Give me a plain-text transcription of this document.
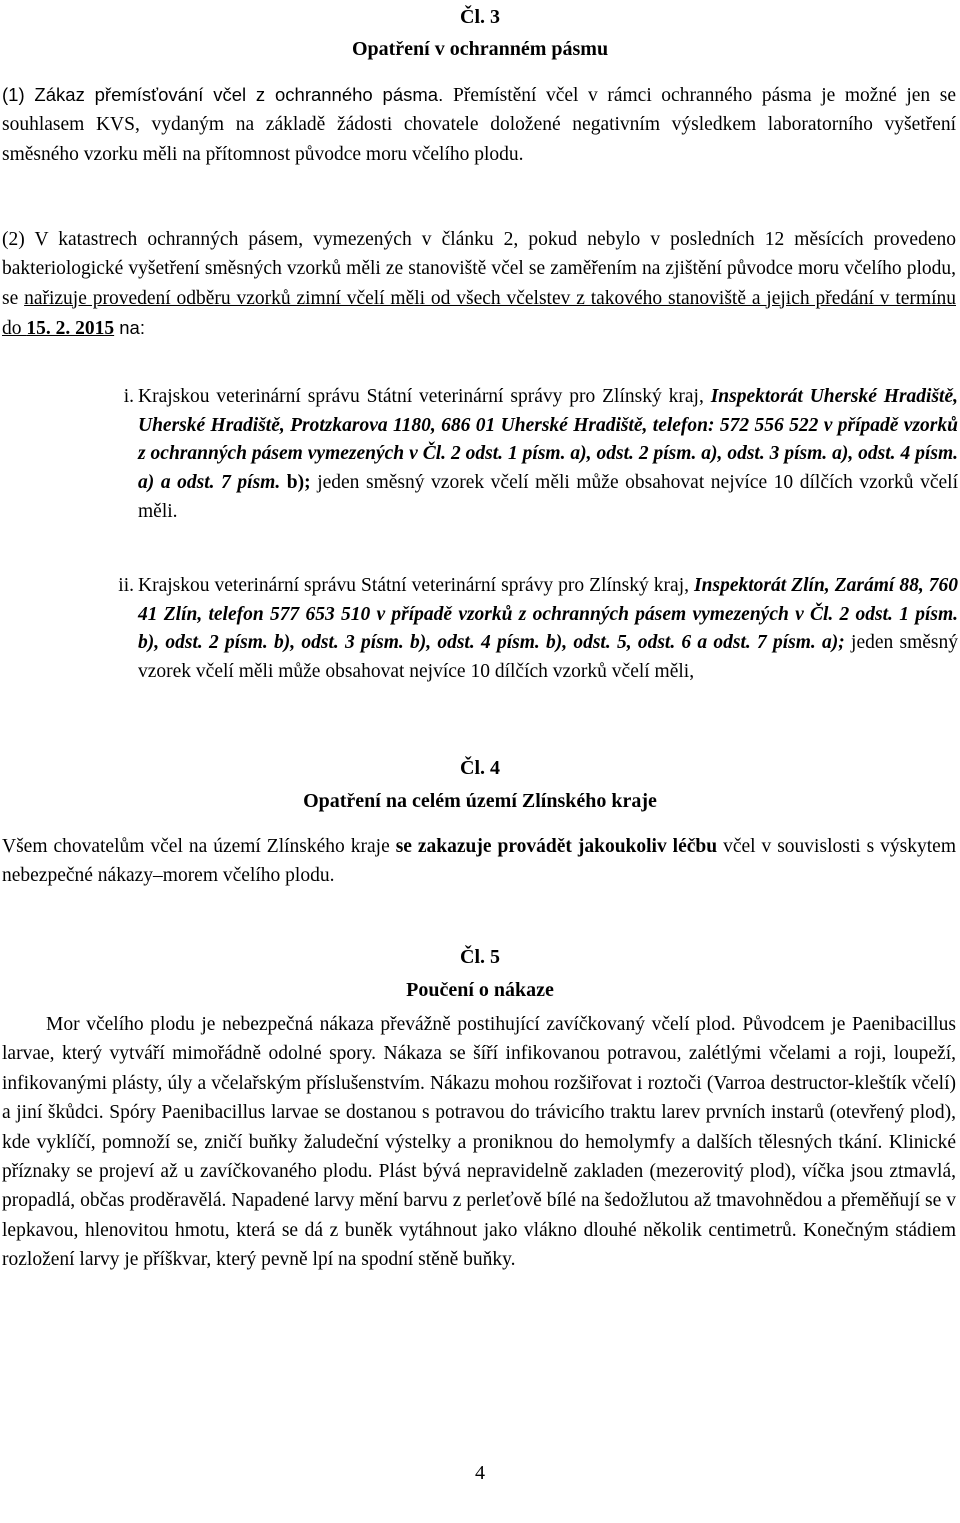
Čl. 3
Opatření v ochranném pásmu

(1) Zákaz přemísťování včel z ochranného pásma. Přemístění včel v rámci ochranného pásma je možné jen se souhlasem KVS, vydaným na základě žádosti chovatele doložené negativním výsledkem laboratorního vyšetření směsného vzorku měli na přítomnost původce moru včelího plodu.

(2) V katastrech ochranných pásem, vymezených v článku 2, pokud nebylo v posledních 12 měsících provedeno bakteriologické vyšetření směsných vzorků měli ze stanoviště včel se zaměřením na zjištění původce moru včelího plodu, se nařizuje provedení odběru vzorků zimní včelí měli od všech včelstev z takového stanoviště a jejich předání v termínu do 15. 2. 2015 na:

i. Krajskou veterinární správu Státní veterinární správy pro Zlínský kraj, Inspektorát Uherské Hradiště, Uherské Hradiště, Protzkarova 1180, 686 01 Uherské Hradiště, telefon: 572 556 522 v případě vzorků z ochranných pásem vymezených v Čl. 2 odst. 1 písm. a), odst. 2 písm. a), odst. 3 písm. a), odst. 4 písm. a) a odst. 7 písm. b); jeden směsný vzorek včelí měli může obsahovat nejvíce 10 dílčích vzorků včelí měli.
ii. Krajskou veterinární správu Státní veterinární správy pro Zlínský kraj, Inspektorát Zlín, Zarámí 88, 760 41 Zlín, telefon 577 653 510 v případě vzorků z ochranných pásem vymezených v Čl. 2 odst. 1 písm. b), odst. 2 písm. b), odst. 3 písm. b), odst. 4 písm. b), odst. 5, odst. 6 a odst. 7 písm. a); jeden směsný vzorek včelí měli může obsahovat nejvíce 10 dílčích vzorků včelí měli,
Čl. 4
Opatření na celém území Zlínského kraje

Všem chovatelům včel na území Zlínského kraje se zakazuje provádět jakoukoliv léčbu včel v souvislosti s výskytem nebezpečné nákazy–morem včelího plodu.

Čl. 5
Poučení o nákaze

Mor včelího plodu je nebezpečná nákaza převážně postihující zavíčkovaný včelí plod. Původcem je Paenibacillus larvae, který vytváří mimořádně odolné spory. Nákaza se šíří infikovanou potravou, zalétlými včelami a roji, loupeží, infikovanými plásty, úly a včelařským příslušenstvím. Nákazu mohou rozšiřovat i roztoči (Varroa destructor-kleštík včelí) a jiní škůdci. Spóry Paenibacillus larvae se dostanou s potravou do trávicího traktu larev prvních instarů (otevřený plod), kde vyklíčí, pomnoží se, zničí buňky žaludeční výstelky a proniknou do hemolymfy a dalších tělesných tkání. Klinické příznaky se projeví až u zavíčkovaného plodu. Plást bývá nepravidelně zakladen (mezerovitý plod), víčka jsou ztmavlá, propadlá, občas proděravělá. Napadené larvy mění barvu z perleťově bílé na šedožlutou až tmavohnědou a přeměňují se v lepkavou, hlenovitou hmotu, která se dá z buněk vytáhnout jako vlákno dlouhé několik centimetrů. Konečným stádiem rozložení larvy je příškvar, který pevně lpí na spodní stěně buňky.

4
